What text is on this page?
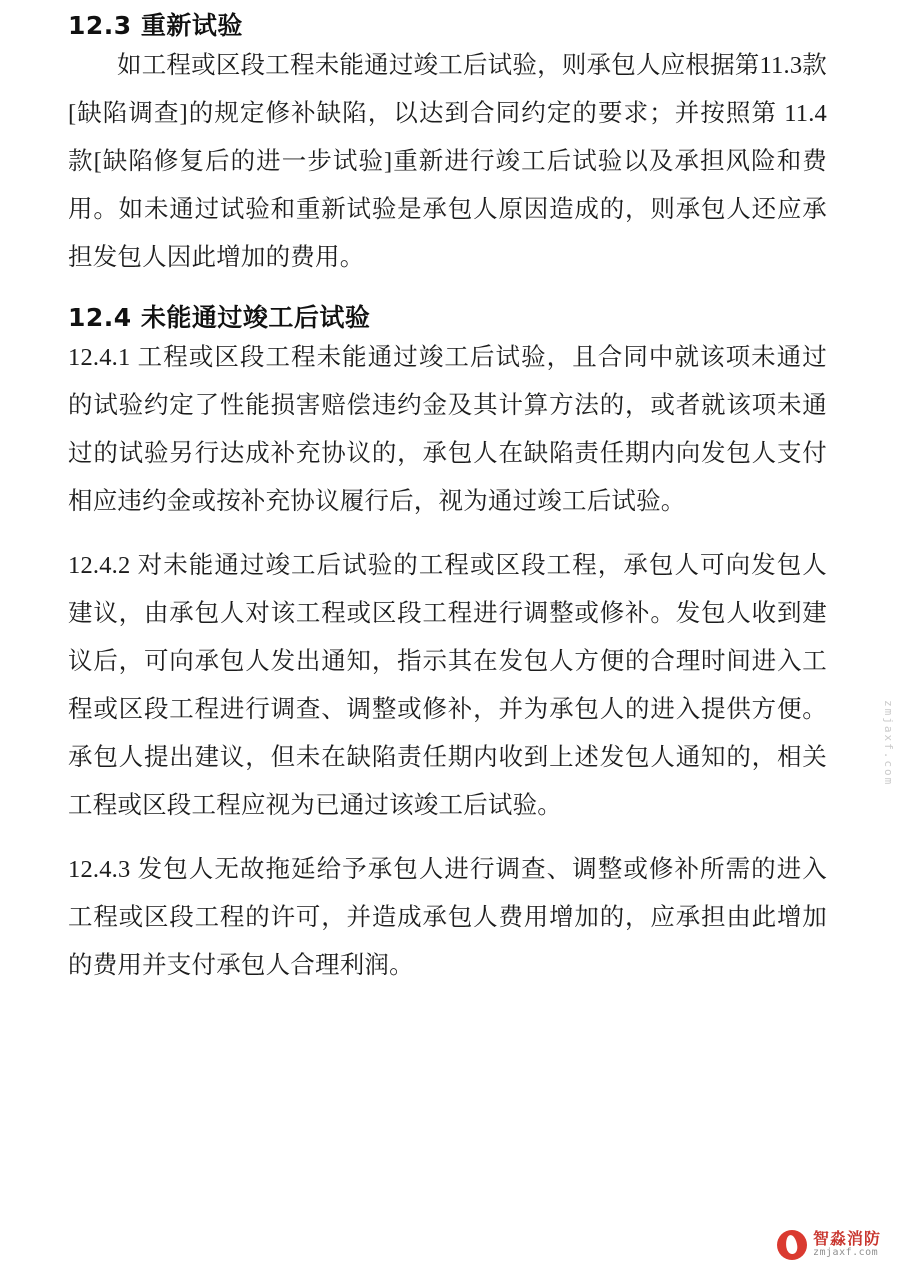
12.3 重新试验

如工程或区段工程未能通过竣工后试验，则承包人应根据第11.3款[缺陷调查]的规定修补缺陷，以达到合同约定的要求；并按照第 11.4 款[缺陷修复后的进一步试验]重新进行竣工后试验以及承担风险和费用。如未通过试验和重新试验是承包人原因造成的，则承包人还应承担发包人因此增加的费用。

12.4 未能通过竣工后试验

12.4.1 工程或区段工程未能通过竣工后试验，且合同中就该项未通过的试验约定了性能损害赔偿违约金及其计算方法的，或者就该项未通过的试验另行达成补充协议的，承包人在缺陷责任期内向发包人支付相应违约金或按补充协议履行后，视为通过竣工后试验。

12.4.2 对未能通过竣工后试验的工程或区段工程，承包人可向发包人建议，由承包人对该工程或区段工程进行调整或修补。发包人收到建议后，可向承包人发出通知，指示其在发包人方便的合理时间进入工程或区段工程进行调查、调整或修补，并为承包人的进入提供方便。承包人提出建议，但未在缺陷责任期内收到上述发包人通知的，相关工程或区段工程应视为已通过该竣工后试验。

12.4.3 发包人无故拖延给予承包人进行调查、调整或修补所需的进入工程或区段工程的许可，并造成承包人费用增加的，应承担由此增加的费用并支付承包人合理利润。

zmjaxf.com
智淼消防
zmjaxf.com
